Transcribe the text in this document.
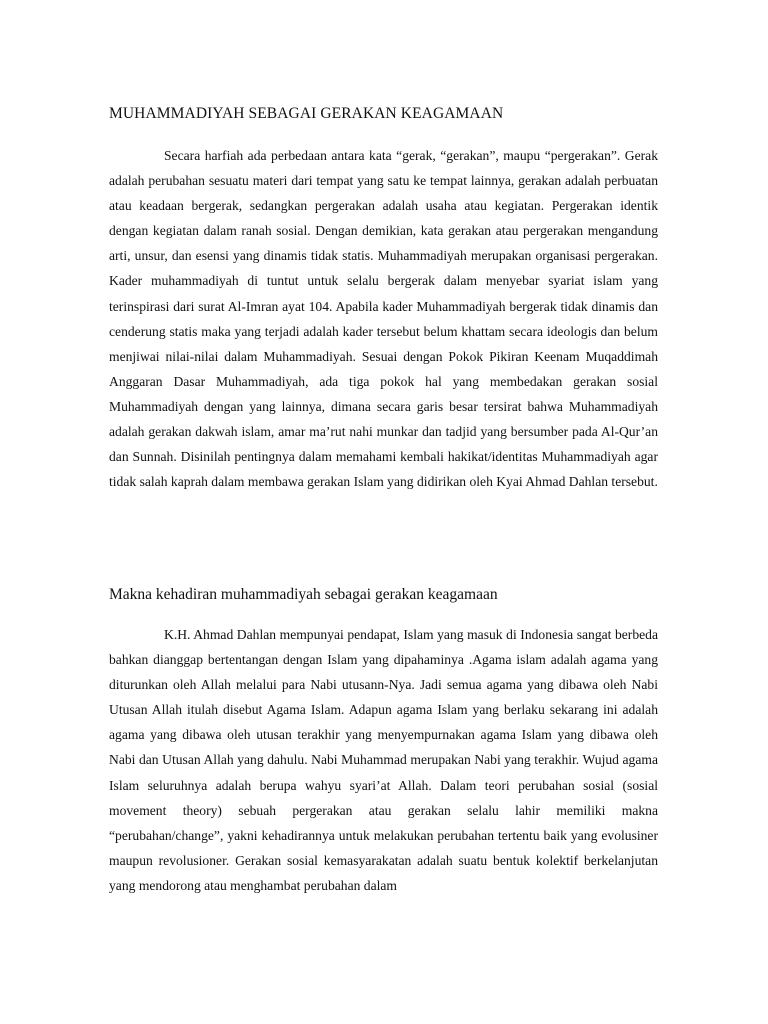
MUHAMMADIYAH SEBAGAI GERAKAN KEAGAMAAN

Secara harfiah ada perbedaan antara kata “gerak, “gerakan”, maupu “pergerakan”. Gerak adalah perubahan sesuatu materi dari tempat yang satu ke tempat lainnya, gerakan adalah perbuatan atau keadaan bergerak, sedangkan pergerakan adalah usaha atau kegiatan. Pergerakan identik dengan kegiatan dalam ranah sosial. Dengan demikian, kata gerakan atau pergerakan mengandung arti, unsur, dan esensi yang dinamis tidak statis. Muhammadiyah merupakan organisasi pergerakan. Kader muhammadiyah di tuntut untuk selalu bergerak dalam menyebar syariat islam yang terinspirasi dari surat Al-Imran ayat 104. Apabila kader Muhammadiyah bergerak tidak dinamis dan cenderung statis maka yang terjadi adalah kader tersebut belum khattam secara ideologis dan belum menjiwai nilai-nilai dalam Muhammadiyah. Sesuai dengan Pokok Pikiran Keenam Muqaddimah Anggaran Dasar Muhammadiyah, ada tiga pokok hal yang membedakan gerakan sosial Muhammadiyah dengan yang lainnya, dimana secara garis besar tersirat bahwa Muhammadiyah adalah gerakan dakwah islam, amar ma’rut nahi munkar dan tadjid yang bersumber pada Al-Qur’an dan Sunnah. Disinilah pentingnya dalam memahami kembali hakikat/identitas Muhammadiyah agar tidak salah kaprah dalam membawa gerakan Islam yang didirikan oleh Kyai Ahmad Dahlan tersebut.

Makna kehadiran muhammadiyah sebagai gerakan keagamaan

K.H. Ahmad Dahlan mempunyai pendapat, Islam yang masuk di Indonesia sangat berbeda bahkan dianggap bertentangan dengan Islam yang dipahaminya .Agama islam adalah agama yang diturunkan oleh Allah melalui para Nabi utusann-Nya. Jadi semua agama yang dibawa oleh Nabi Utusan Allah itulah disebut Agama Islam. Adapun agama Islam yang berlaku sekarang ini adalah agama yang dibawa oleh utusan terakhir yang menyempurnakan agama Islam yang dibawa oleh Nabi dan Utusan Allah yang dahulu. Nabi Muhammad merupakan Nabi yang terakhir. Wujud agama Islam seluruhnya adalah berupa wahyu syari’at Allah. Dalam teori perubahan sosial (sosial movement theory) sebuah pergerakan atau gerakan selalu lahir memiliki makna “perubahan/change”, yakni kehadirannya untuk melakukan perubahan tertentu baik yang evolusiner maupun revolusioner. Gerakan sosial kemasyarakatan adalah suatu bentuk kolektif berkelanjutan yang mendorong atau menghambat perubahan dalam
